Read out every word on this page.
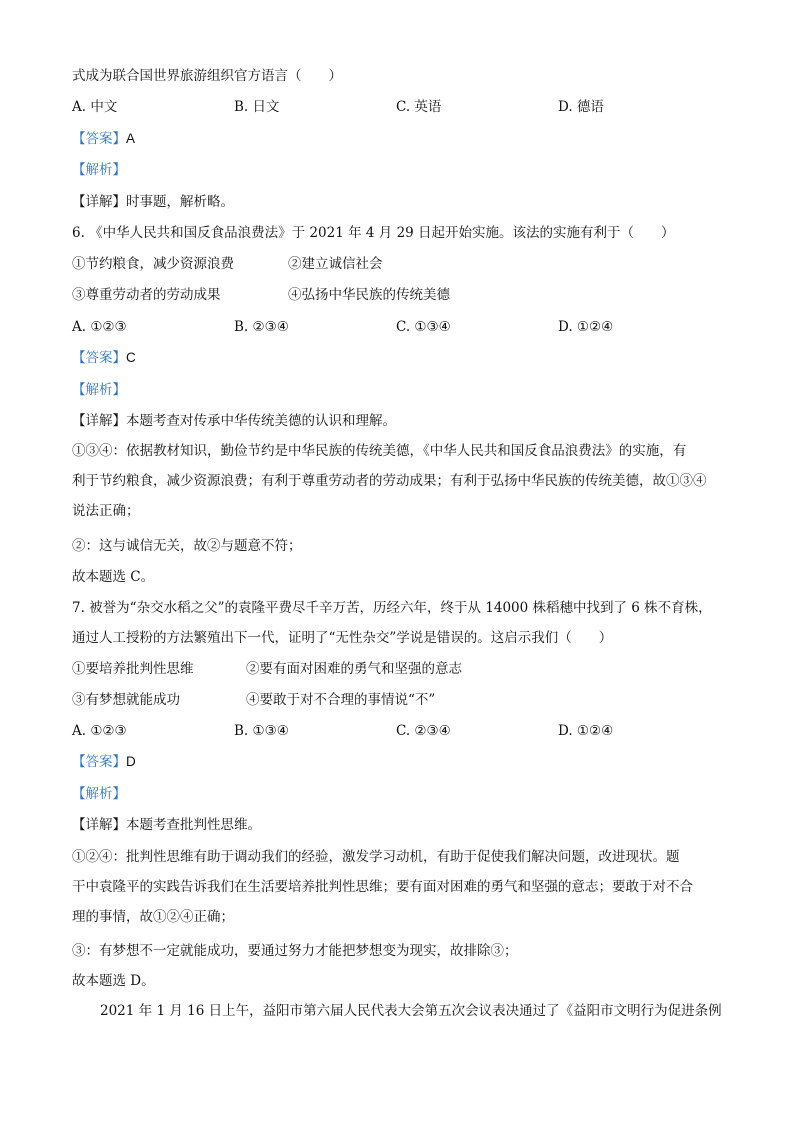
式成为联合国世界旅游组织官方语言（　　）
A. 中文	B. 日文	C. 英语	D. 德语
【答案】A
【解析】
【详解】时事题，解析略。
6. 《中华人民共和国反食品浪费法》于 2021 年 4 月 29 日起开始实施。该法的实施有利于（　　）
①节约粮食，减少资源浪费	②建立诚信社会
③尊重劳动者的劳动成果	④弘扬中华民族的传统美德
A. ①②③	B. ②③④	C. ①③④	D. ①②④
【答案】C
【解析】
【详解】本题考查对传承中华传统美德的认识和理解。
①③④：依据教材知识，勤俭节约是中华民族的传统美德，《中华人民共和国反食品浪费法》的实施，有
利于节约粮食，减少资源浪费；有利于尊重劳动者的劳动成果；有利于弘扬中华民族的传统美德，故①③④
说法正确；
②：这与诚信无关，故②与题意不符；
故本题选 C。
7. 被誉为“杂交水稻之父”的袁隆平费尽千辛万苦，历经六年，终于从 14000 株稻穗中找到了 6 株不育株，
通过人工授粉的方法繁殖出下一代，证明了“无性杂交”学说是错误的。这启示我们（　　）
①要培养批判性思维	②要有面对困难的勇气和坚强的意志
③有梦想就能成功	④要敢于对不合理的事情说“不”
A. ①②③	B. ①③④	C. ②③④	D. ①②④
【答案】D
【解析】
【详解】本题考查批判性思维。
①②④：批判性思维有助于调动我们的经验，激发学习动机，有助于促使我们解决问题，改进现状。题
干中袁隆平的实践告诉我们在生活要培养批判性思维；要有面对困难的勇气和坚强的意志；要敢于对不合
理的事情，故①②④正确；
③：有梦想不一定就能成功，要通过努力才能把梦想变为现实，故排除③；
故本题选 D。
2021 年 1 月 16 日上午，益阳市第六届人民代表大会第五次会议表决通过了《益阳市文明行为促进条例
